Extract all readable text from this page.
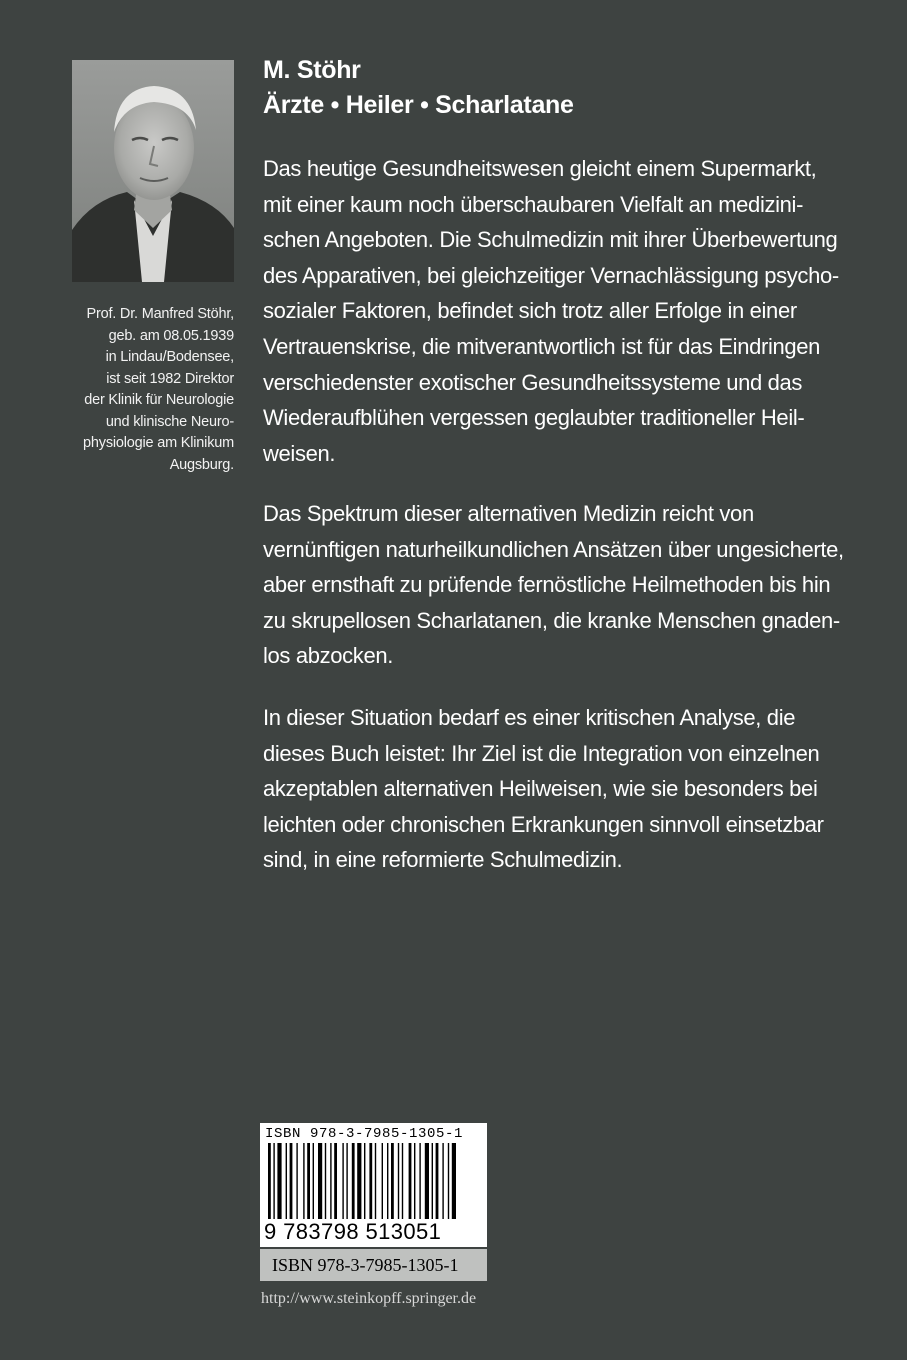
Prof. Dr. Manfred Stöhr,
geb. am 08.05.1939
in Lindau/Bodensee,
ist seit 1982 Direktor
der Klinik für Neurologie
und klinische Neuro-
physiologie am Klinikum
Augsburg.
M. Stöhr
Ärzte • Heiler • Scharlatane
Das heutige Gesundheitswesen gleicht einem Supermarkt,
mit einer kaum noch überschaubaren Vielfalt an medizini-
schen Angeboten. Die Schulmedizin mit ihrer Überbewertung
des Apparativen, bei gleichzeitiger Vernachlässigung psycho-
sozialer Faktoren, befindet sich trotz aller Erfolge in einer
Vertrauenskrise, die mitverantwortlich ist für das Eindringen
verschiedenster exotischer Gesundheitssysteme und das
Wiederaufblühen vergessen geglaubter traditioneller Heil-
weisen.
Das Spektrum dieser alternativen Medizin reicht von
vernünftigen naturheilkundlichen Ansätzen über ungesicherte,
aber ernsthaft zu prüfende fernöstliche Heilmethoden bis hin
zu skrupellosen Scharlatanen, die kranke Menschen gnaden-
los abzocken.
In dieser Situation bedarf es einer kritischen Analyse, die
dieses Buch leistet: Ihr Ziel ist die Integration von einzelnen
akzeptablen alternativen Heilweisen, wie sie besonders bei
leichten oder chronischen Erkrankungen sinnvoll einsetzbar
sind, in eine reformierte Schulmedizin.
ISBN 978-3-7985-1305-1
9 783798 513051
ISBN 978-3-7985-1305-1
http://www.steinkopff.springer.de
